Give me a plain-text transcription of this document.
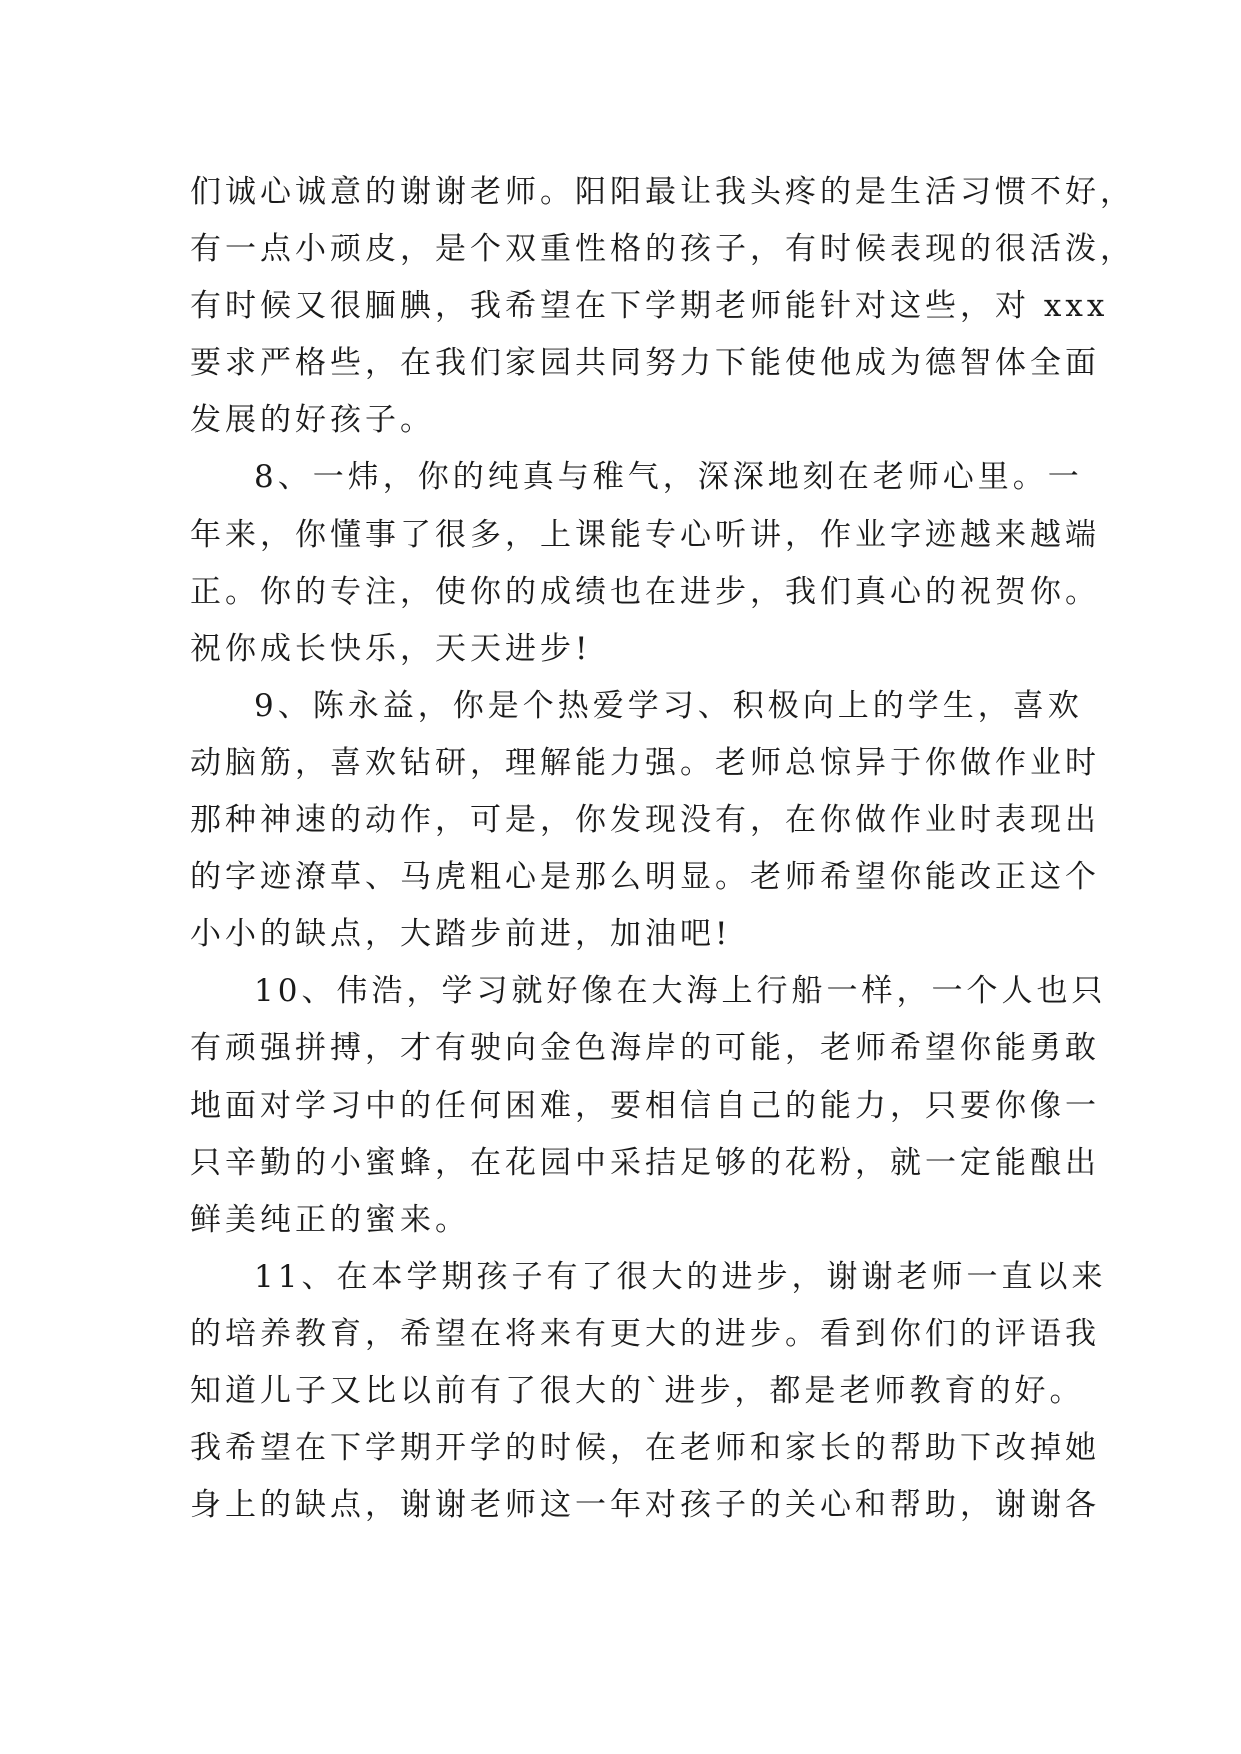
们诚心诚意的谢谢老师。阳阳最让我头疼的是生活习惯不好，
有一点小顽皮，是个双重性格的孩子，有时候表现的很活泼，
有时候又很腼腆，我希望在下学期老师能针对这些，对 xxx
要求严格些，在我们家园共同努力下能使他成为德智体全面
发展的好孩子。
8、一炜，你的纯真与稚气，深深地刻在老师心里。一
年来，你懂事了很多，上课能专心听讲，作业字迹越来越端
正。你的专注，使你的成绩也在进步，我们真心的祝贺你。
祝你成长快乐，天天进步!
9、陈永益，你是个热爱学习、积极向上的学生，喜欢
动脑筋，喜欢钻研，理解能力强。老师总惊异于你做作业时
那种神速的动作，可是，你发现没有，在你做作业时表现出
的字迹潦草、马虎粗心是那么明显。老师希望你能改正这个
小小的缺点，大踏步前进，加油吧!
10、伟浩，学习就好像在大海上行船一样，一个人也只
有顽强拼搏，才有驶向金色海岸的可能，老师希望你能勇敢
地面对学习中的任何困难，要相信自己的能力，只要你像一
只辛勤的小蜜蜂，在花园中采拮足够的花粉，就一定能酿出
鲜美纯正的蜜来。
11、在本学期孩子有了很大的进步，谢谢老师一直以来
的培养教育，希望在将来有更大的进步。看到你们的评语我
知道儿子又比以前有了很大的`进步，都是老师教育的好。
我希望在下学期开学的时候，在老师和家长的帮助下改掉她
身上的缺点，谢谢老师这一年对孩子的关心和帮助，谢谢各
